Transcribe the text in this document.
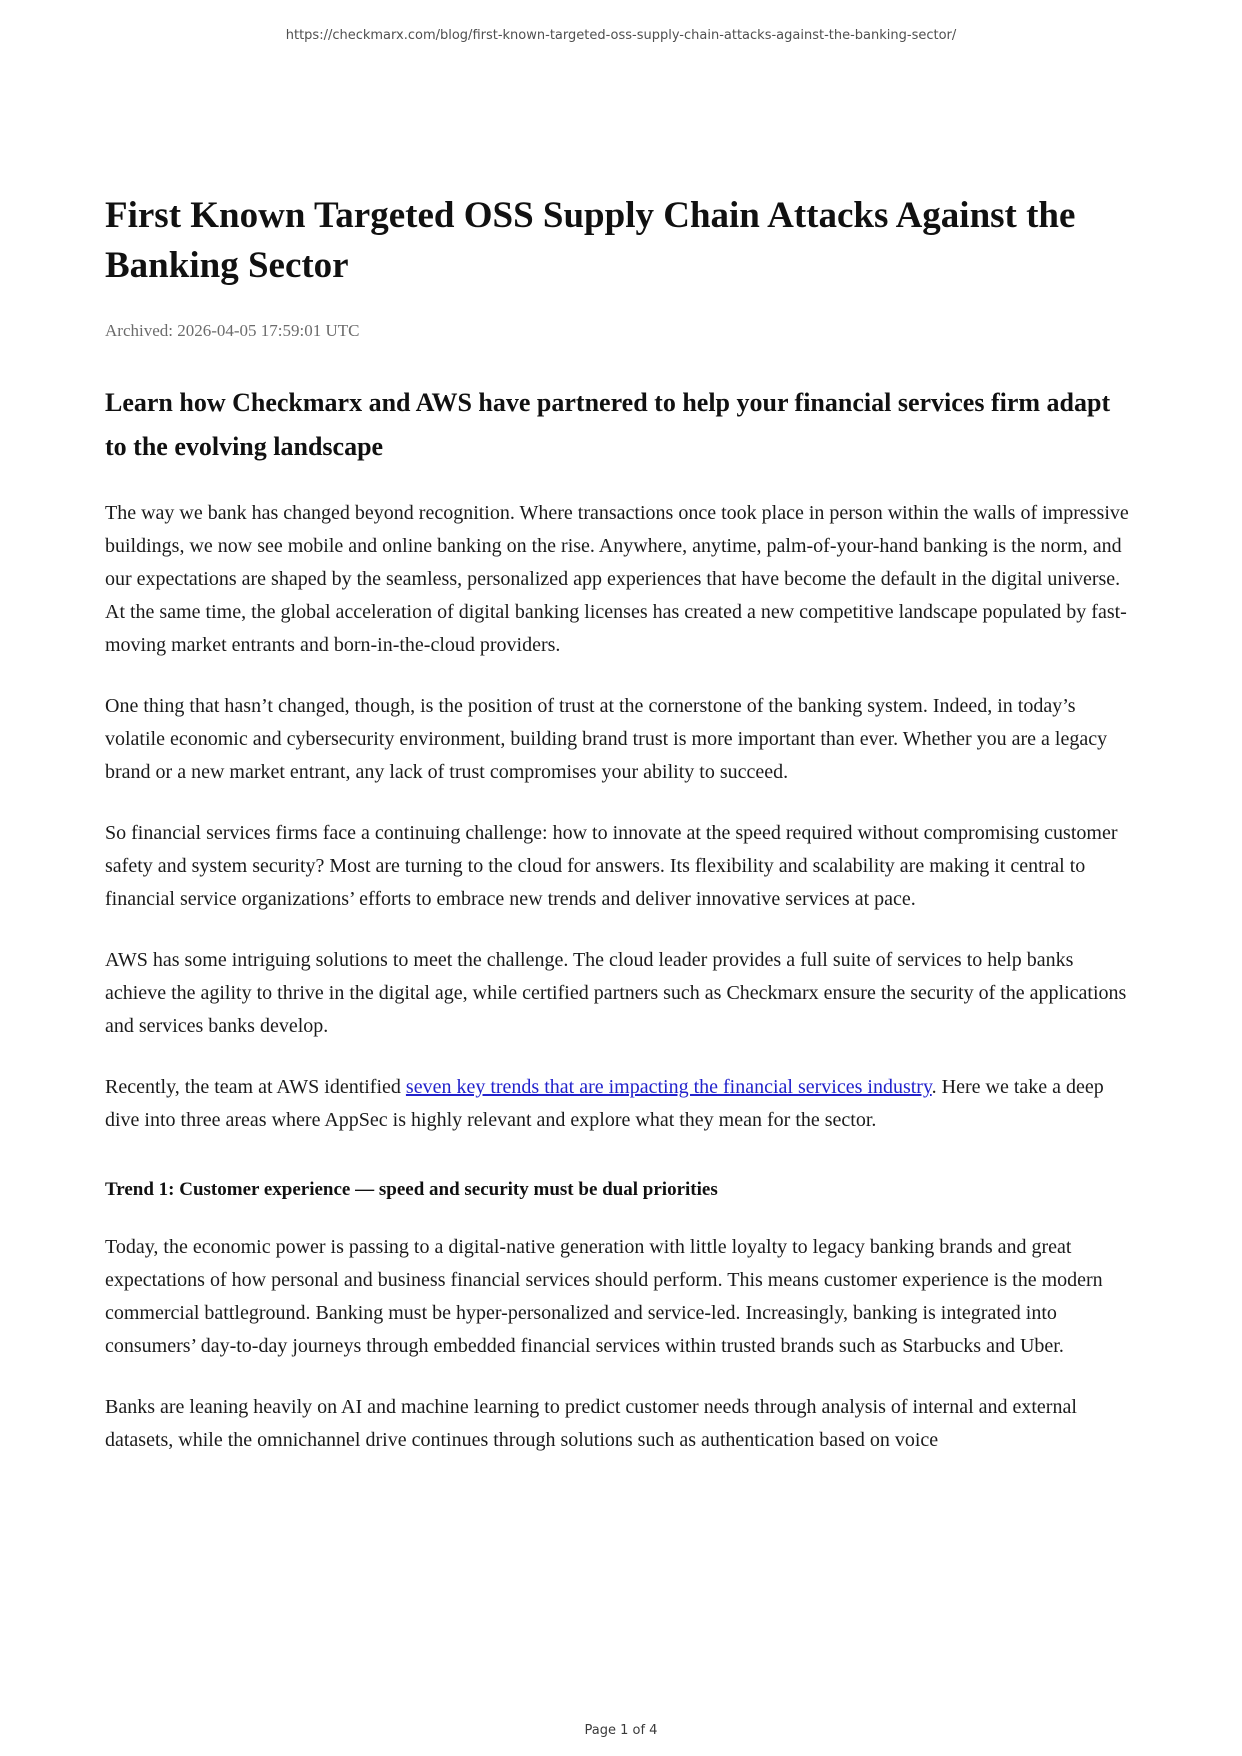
https://checkmarx.com/blog/first-known-targeted-oss-supply-chain-attacks-against-the-banking-sector/
First Known Targeted OSS Supply Chain Attacks Against the Banking Sector
Archived: 2026-04-05 17:59:01 UTC
Learn how Checkmarx and AWS have partnered to help your financial services firm adapt to the evolving landscape

The way we bank has changed beyond recognition. Where transactions once took place in person within the walls of impressive buildings, we now see mobile and online banking on the rise. Anywhere, anytime, palm-of-your-hand banking is the norm, and our expectations are shaped by the seamless, personalized app experiences that have become the default in the digital universe. At the same time, the global acceleration of digital banking licenses has created a new competitive landscape populated by fast-moving market entrants and born-in-the-cloud providers.

One thing that hasn’t changed, though, is the position of trust at the cornerstone of the banking system. Indeed, in today’s volatile economic and cybersecurity environment, building brand trust is more important than ever. Whether you are a legacy brand or a new market entrant, any lack of trust compromises your ability to succeed.

So financial services firms face a continuing challenge: how to innovate at the speed required without compromising customer safety and system security? Most are turning to the cloud for answers. Its flexibility and scalability are making it central to financial service organizations’ efforts to embrace new trends and deliver innovative services at pace.

AWS has some intriguing solutions to meet the challenge. The cloud leader provides a full suite of services to help banks achieve the agility to thrive in the digital age, while certified partners such as Checkmarx ensure the security of the applications and services banks develop.

Recently, the team at AWS identified seven key trends that are impacting the financial services industry. Here we take a deep dive into three areas where AppSec is highly relevant and explore what they mean for the sector.

Trend 1: Customer experience — speed and security must be dual priorities

Today, the economic power is passing to a digital-native generation with little loyalty to legacy banking brands and great expectations of how personal and business financial services should perform. This means customer experience is the modern commercial battleground. Banking must be hyper-personalized and service-led. Increasingly, banking is integrated into consumers’ day-to-day journeys through embedded financial services within trusted brands such as Starbucks and Uber.

Banks are leaning heavily on AI and machine learning to predict customer needs through analysis of internal and external datasets, while the omnichannel drive continues through solutions such as authentication based on voice

Page 1 of 4
